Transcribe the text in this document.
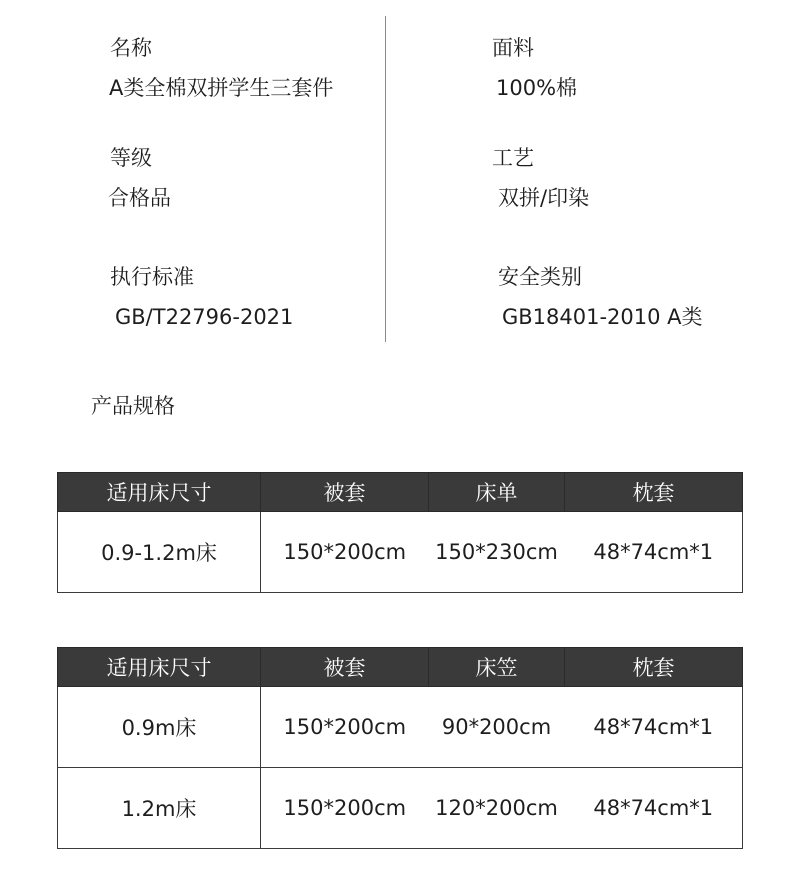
名称
A类全棉双拼学生三套件
面料
100%棉
等级
合格品
工艺
双拼/印染
执行标准
GB/T22796-2021
安全类别
GB18401-2010 A类
产品规格
适用床尺寸	被套	床单	枕套
0.9-1.2m床	150*200cm	150*230cm	48*74cm*1
适用床尺寸	被套	床笠	枕套
0.9m床	150*200cm	90*200cm	48*74cm*1
1.2m床	150*200cm	120*200cm	48*74cm*1
